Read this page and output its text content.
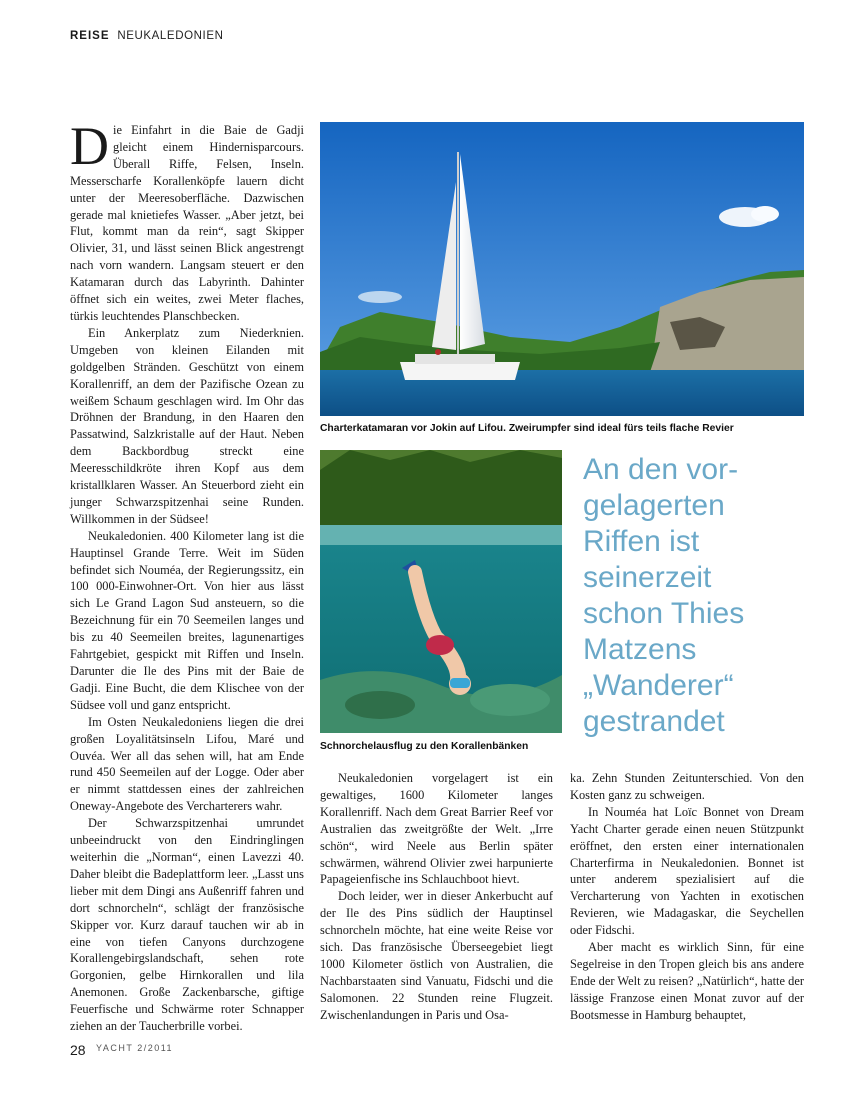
REISE NEUKALEDONIEN

Die Einfahrt in die Baie de Gadji gleicht einem Hindernisparcours. Überall Riffe, Felsen, Inseln. Messerscharfe Korallenköpfe lauern dicht unter der Meeresoberfläche. Dazwischen gerade mal knietiefes Wasser. „Aber jetzt, bei Flut, kommt man da rein“, sagt Skipper Olivier, 31, und lässt seinen Blick angestrengt nach vorn wandern. Langsam steuert er den Katamaran durch das Labyrinth. Dahinter öffnet sich ein weites, zwei Meter flaches, türkis leuchtendes Planschbecken.

Ein Ankerplatz zum Niederknien. Umgeben von kleinen Eilanden mit goldgelben Stränden. Geschützt von einem Korallenriff, an dem der Pazifische Ozean zu weißem Schaum geschlagen wird. Im Ohr das Dröhnen der Brandung, in den Haaren den Passatwind, Salzkristalle auf der Haut. Neben dem Backbordbug streckt eine Meeresschildkröte ihren Kopf aus dem kristallklaren Wasser. An Steuerbord zieht ein junger Schwarzspitzenhai seine Runden. Willkommen in der Südsee!

Neukaledonien. 400 Kilometer lang ist die Hauptinsel Grande Terre. Weit im Süden befindet sich Nouméa, der Regierungssitz, ein 100 000-Einwohner-Ort. Von hier aus lässt sich Le Grand Lagon Sud ansteuern, so die Bezeichnung für ein 70 Seemeilen langes und bis zu 40 Seemeilen breites, lagunenartiges Fahrtgebiet, gespickt mit Riffen und Inseln. Darunter die Ile des Pins mit der Baie de Gadji. Eine Bucht, die dem Klischee von der Südsee voll und ganz entspricht.

Im Osten Neukaledoniens liegen die drei großen Loyalitätsinseln Lifou, Maré und Ouvéa. Wer all das sehen will, hat am Ende rund 450 Seemeilen auf der Logge. Oder aber er nimmt stattdessen eines der zahlreichen Oneway-Angebote des Vercharterers wahr.

Der Schwarzspitzenhai umrundet unbeeindruckt von den Eindringlingen weiterhin die „Norman“, einen Lavezzi 40. Daher bleibt die Badeplattform leer. „Lasst uns lieber mit dem Dingi ans Außenriff fahren und dort schnorcheln“, schlägt der französische Skipper vor. Kurz darauf tauchen wir ab in eine von tiefen Canyons durchzogene Korallengebirgslandschaft, sehen rote Gorgonien, gelbe Hirnkorallen und lila Anemonen. Große Zackenbarsche, giftige Feuerfische und Schwärme roter Schnapper ziehen an der Taucherbrille vorbei.

Charterkatamaran vor Jokin auf Lifou. Zweirumpfer sind ideal fürs teils flache Revier
Schnorchelausflug zu den Korallenbänken
An den vor-
gelagerten
Riffen ist
seinerzeit
schon Thies
Matzens
„Wanderer“
gestrandet

Neukaledonien vorgelagert ist ein gewaltiges, 1600 Kilometer langes Korallenriff. Nach dem Great Barrier Reef vor Australien das zweitgrößte der Welt. „Irre schön“, wird Neele aus Berlin später schwärmen, während Olivier zwei harpunierte Papageienfische ins Schlauchboot hievt.

Doch leider, wer in dieser Ankerbucht auf der Ile des Pins südlich der Hauptinsel schnorcheln möchte, hat eine weite Reise vor sich. Das französische Überseegebiet liegt 1000 Kilometer östlich von Australien, die Nachbarstaaten sind Vanuatu, Fidschi und die Salomonen. 22 Stunden reine Flugzeit. Zwischenlandungen in Paris und Osa-

ka. Zehn Stunden Zeitunterschied. Von den Kosten ganz zu schweigen.

In Nouméa hat Loïc Bonnet von Dream Yacht Charter gerade einen neuen Stützpunkt eröffnet, den ersten einer internationalen Charterfirma in Neukaledonien. Bonnet ist unter anderem spezialisiert auf die Vercharterung von Yachten in exotischen Revieren, wie Madagaskar, die Seychellen oder Fidschi.

Aber macht es wirklich Sinn, für eine Segelreise in den Tropen gleich bis ans andere Ende der Welt zu reisen? „Natürlich“, hatte der lässige Franzose einen Monat zuvor auf der Bootsmesse in Hamburg behauptet,

28 $^{YACHT 2/2011}$
